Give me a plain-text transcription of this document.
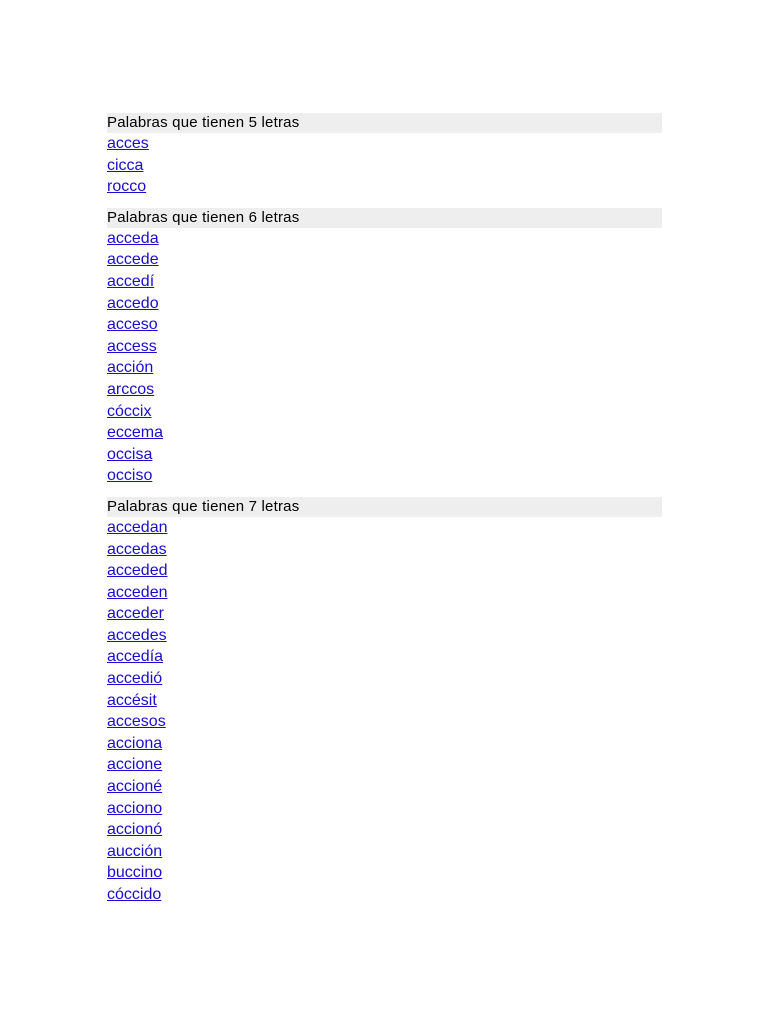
Palabras que tienen 5 letras
acces
cicca
rocco
Palabras que tienen 6 letras
acceda
accede
accedí
accedo
acceso
access
acción
arccos
cóccix
eccema
occisa
occiso
Palabras que tienen 7 letras
accedan
accedas
acceded
acceden
acceder
accedes
accedía
accedió
accésit
accesos
acciona
accione
accioné
acciono
accionó
aucción
buccino
cóccido
